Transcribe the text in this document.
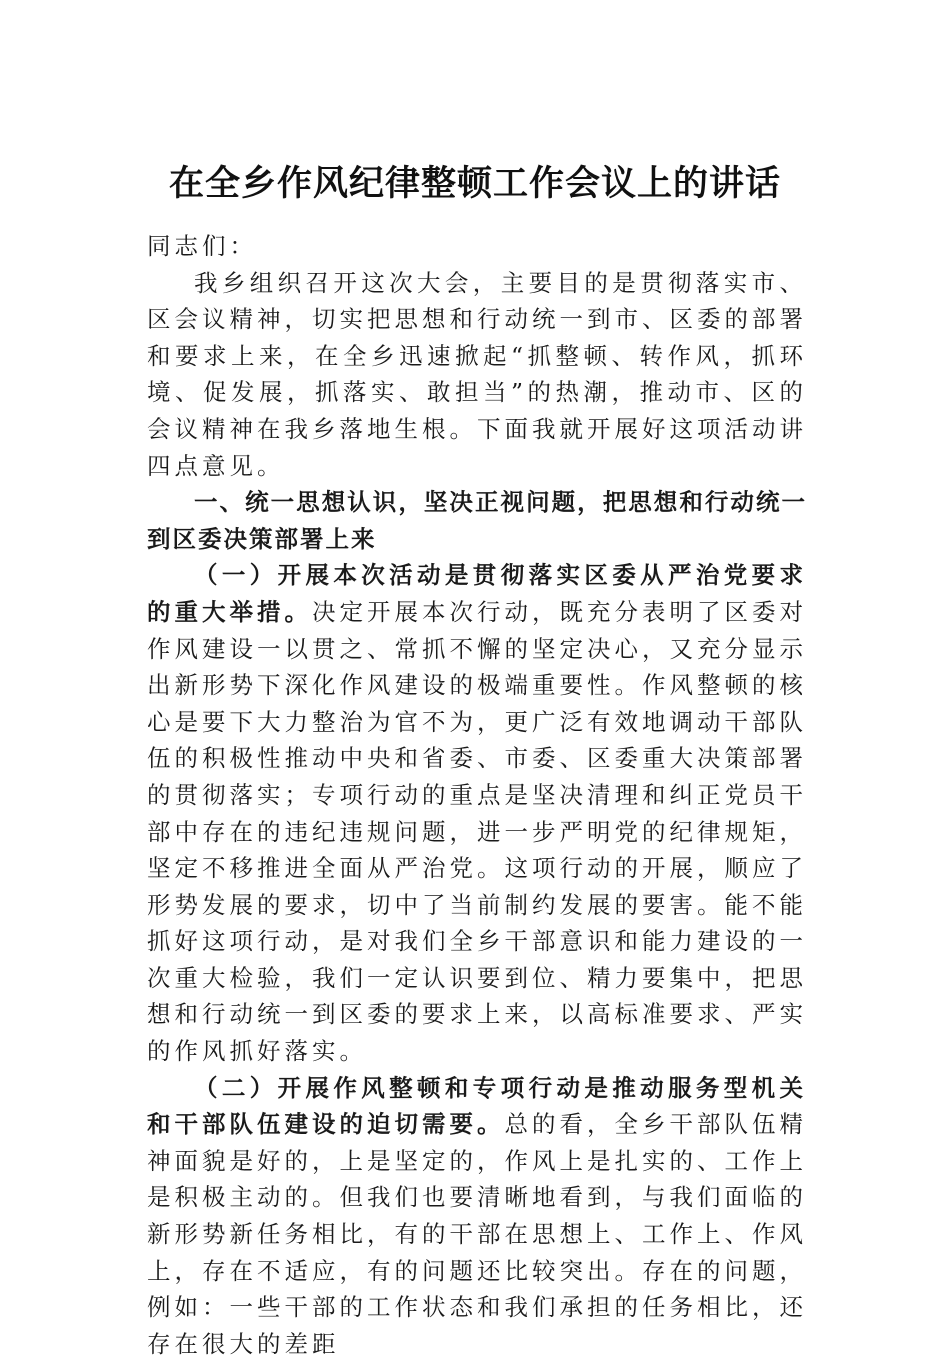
在全乡作风纪律整顿工作会议上的讲话

同志们：

我乡组织召开这次大会，主要目的是贯彻落实市、区会议精神，切实把思想和行动统一到市、区委的部署和要求上来，在全乡迅速掀起“抓整顿、转作风，抓环境、促发展，抓落实、敢担当”的热潮，推动市、区的会议精神在我乡落地生根。下面我就开展好这项活动讲四点意见。

一、统一思想认识，坚决正视问题，把思想和行动统一到区委决策部署上来

（一）开展本次活动是贯彻落实区委从严治党要求的重大举措。决定开展本次行动，既充分表明了区委对作风建设一以贯之、常抓不懈的坚定决心，又充分显示出新形势下深化作风建设的极端重要性。作风整顿的核心是要下大力整治为官不为，更广泛有效地调动干部队伍的积极性推动中央和省委、市委、区委重大决策部署的贯彻落实；专项行动的重点是坚决清理和纠正党员干部中存在的违纪违规问题，进一步严明党的纪律规矩，坚定不移推进全面从严治党。这项行动的开展，顺应了形势发展的要求，切中了当前制约发展的要害。能不能抓好这项行动，是对我们全乡干部意识和能力建设的一次重大检验，我们一定认识要到位、精力要集中，把思想和行动统一到区委的要求上来，以高标准要求、严实的作风抓好落实。

（二）开展作风整顿和专项行动是推动服务型机关和干部队伍建设的迫切需要。总的看，全乡干部队伍精神面貌是好的，上是坚定的，作风上是扎实的、工作上是积极主动的。但我们也要清晰地看到，与我们面临的新形势新任务相比，有的干部在思想上、工作上、作风上，存在不适应，有的问题还比较突出。存在的问题，例如：一些干部的工作状态和我们承担的任务相比，还存在很大的差距
